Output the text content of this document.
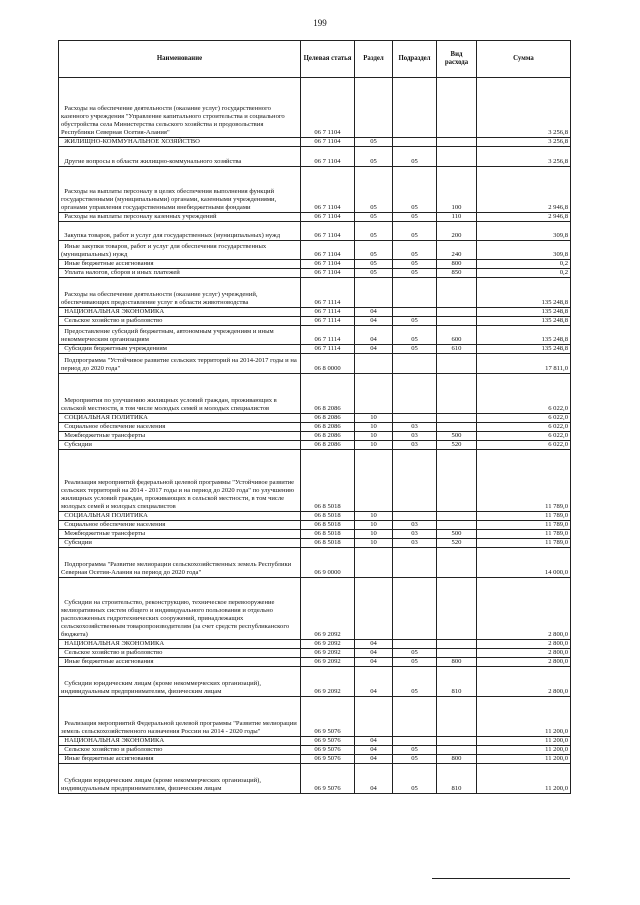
199
Наименование	Целевая статья	Раздел	Подраздел	Вид расхода	Сумма
Расходы на обеспечение деятельности (оказание услуг) государственного казенного учреждения "Управление капитального строительства и социального обустройства села Министерства сельского хозяйства и продовольствия Республики Северная Осетия-Алания"	06 7 1104				3 256,8
ЖИЛИЩНО-КОММУНАЛЬНОЕ ХОЗЯЙСТВО	06 7 1104	05			3 256,8
Другие вопросы в области жилищно-коммунального хозяйства	06 7 1104	05	05		3 256,8
Расходы на выплаты персоналу в целях обеспечения выполнения функций государственными (муниципальными) органами, казенными учреждениями, органами управления государственными внебюджетными фондами	06 7 1104	05	05	100	2 946,8
Расходы на выплаты персоналу казенных учреждений	06 7 1104	05	05	110	2 946,8
Закупка товаров, работ и услуг для государственных (муниципальных) нужд	06 7 1104	05	05	200	309,8
Иные закупки товаров, работ и услуг для обеспечения государственных (муниципальных) нужд	06 7 1104	05	05	240	309,8
Иные бюджетные ассигнования	06 7 1104	05	05	800	0,2
Уплата налогов, сборов и иных платежей	06 7 1104	05	05	850	0,2
Расходы на обеспечение деятельности (оказание услуг) учреждений, обеспечивающих предоставление услуг в области животноводства	06 7 1114				135 248,8
НАЦИОНАЛЬНАЯ ЭКОНОМИКА	06 7 1114	04			135 248,8
Сельское хозяйство и рыболовство	06 7 1114	04	05		135 248,8
Предоставление субсидий бюджетным, автономным учреждениям и иным некоммерческим организациям	06 7 1114	04	05	600	135 248,8
Субсидии бюджетным учреждениям	06 7 1114	04	05	610	135 248,8
Подпрограмма "Устойчивое развитие сельских территорий на 2014-2017 годы и на период до 2020 года"	06 8 0000				17 811,0
Мероприятия по улучшению жилищных условий граждан, проживающих в сельской местности, в том числе молодых семей и молодых специалистов	06 8 2086				6 022,0
СОЦИАЛЬНАЯ ПОЛИТИКА	06 8 2086	10			6 022,0
Социальное обеспечение населения	06 8 2086	10	03		6 022,0
Межбюджетные трансферты	06 8 2086	10	03	500	6 022,0
Субсидии	06 8 2086	10	03	520	6 022,0
Реализация мероприятий федеральной целевой программы "Устойчивое развитие сельских территорий на 2014 - 2017 годы и на период до 2020 года" по улучшению жилищных условий граждан, проживающих в сельской местности, в том числе молодых семей и молодых специалистов	06 8 5018				11 789,0
СОЦИАЛЬНАЯ ПОЛИТИКА	06 8 5018	10			11 789,0
Социальное обеспечение населения	06 8 5018	10	03		11 789,0
Межбюджетные трансферты	06 8 5018	10	03	500	11 789,0
Субсидии	06 8 5018	10	03	520	11 789,0
Подпрограмма "Развитие мелиорации сельскохозяйственных земель Республики Северная Осетия-Алания на период до 2020 года"	06 9 0000				14 000,0
Субсидии на строительство, реконструкцию, техническое перевооружение мелиоративных систем общего и индивидуального пользования и отдельно расположенных гидротехнических сооружений, принадлежащих сельскохозяйственным товаропроизводителям (за счет средств республиканского бюджета)	06 9 2092				2 800,0
НАЦИОНАЛЬНАЯ ЭКОНОМИКА	06 9 2092	04			2 800,0
Сельское хозяйство и рыболовство	06 9 2092	04	05		2 800,0
Иные бюджетные ассигнования	06 9 2092	04	05	800	2 800,0
Субсидии юридическим лицам (кроме некоммерческих организаций), индивидуальным предпринимателям, физическим лицам	06 9 2092	04	05	810	2 800,0
Реализация мероприятий Федеральной целевой программы "Развитие мелиорации земель сельскохозяйственного назначения России на 2014 - 2020 годы"	06 9 5076				11 200,0
НАЦИОНАЛЬНАЯ ЭКОНОМИКА	06 9 5076	04			11 200,0
Сельское хозяйство и рыболовство	06 9 5076	04	05		11 200,0
Иные бюджетные ассигнования	06 9 5076	04	05	800	11 200,0
Субсидии юридическим лицам (кроме некоммерческих организаций), индивидуальным предпринимателям, физическим лицам	06 9 5076	04	05	810	11 200,0
